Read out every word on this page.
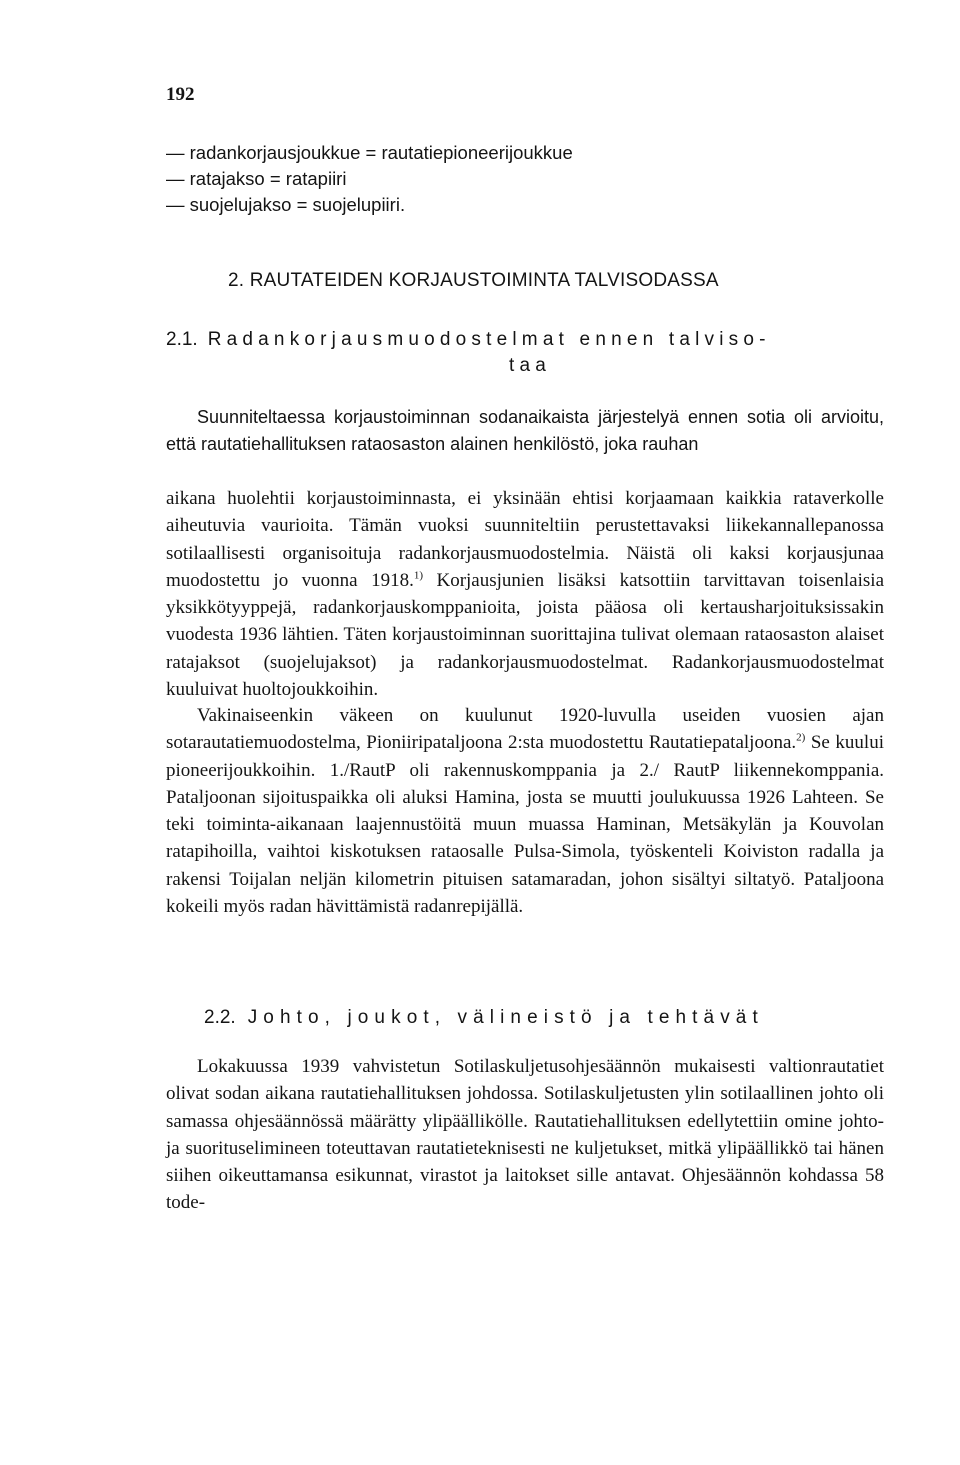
192
— radankorjausjoukkue = rautatiepioneerijoukkue
— ratajakso = ratapiiri
— suojelujakso = suojelupiiri.
2. RAUTATEIDEN KORJAUSTOIMINTA TALVISODASSA
2.1. Radankorjausmuodostelmat ennen talviso-
taa

Suunniteltaessa korjaustoiminnan sodanaikaista järjestelyä ennen sotia oli arvioitu, että rautatiehallituksen rataosaston alainen henkilöstö, joka rauhan

aikana huolehtii korjaustoiminnasta, ei yksinään ehtisi korjaamaan kaikkia rataverkolle aiheutuvia vaurioita. Tämän vuoksi suunniteltiin perustettavaksi liikekannallepanossa sotilaallisesti organisoituja radankorjausmuodostelmia. Näistä oli kaksi korjausjunaa muodostettu jo vuonna 1918.$^{1)}$ Korjausjunien lisäksi katsottiin tarvittavan toisenlaisia yksikkötyyppejä, radankorjauskomppanioita, joista pääosa oli kertausharjoituksissakin vuodesta 1936 lähtien. Täten korjaustoiminnan suorittajina tulivat olemaan rataosaston alaiset ratajaksot (suojelujaksot) ja radankorjausmuodostelmat. Radankorjausmuodostelmat kuuluivat huoltojoukkoihin.

Vakinaiseenkin väkeen on kuulunut 1920-luvulla useiden vuosien ajan sotarautatiemuodostelma, Pioniiripataljoona 2:sta muodostettu Rautatiepataljoona.$^{2)}$ Se kuului pioneerijoukkoihin. 1./RautP oli rakennuskomppania ja 2./ RautP liikennekomppania. Pataljoonan sijoituspaikka oli aluksi Hamina, josta se muutti joulukuussa 1926 Lahteen. Se teki toiminta-aikanaan laajennustöitä muun muassa Haminan, Metsäkylän ja Kouvolan ratapihoilla, vaihtoi kiskotuksen rataosalle Pulsa-Simola, työskenteli Koiviston radalla ja rakensi Toijalan neljän kilometrin pituisen satamaradan, johon sisältyi siltatyö. Pataljoona kokeili myös radan hävittämistä radanrepijällä.

2.2. Johto, joukot, välineistö ja tehtävät

Lokakuussa 1939 vahvistetun Sotilaskuljetusohjesäännön mukaisesti valtionrautatiet olivat sodan aikana rautatiehallituksen johdossa. Sotilaskuljetusten ylin sotilaallinen johto oli samassa ohjesäännössä määrätty ylipäällikölle. Rautatiehallituksen edellytettiin omine johto- ja suorituselimineen toteuttavan rautatieteknisesti ne kuljetukset, mitkä ylipäällikkö tai hänen siihen oikeuttamansa esikunnat, virastot ja laitokset sille antavat. Ohjesäännön kohdassa 58 tode-
